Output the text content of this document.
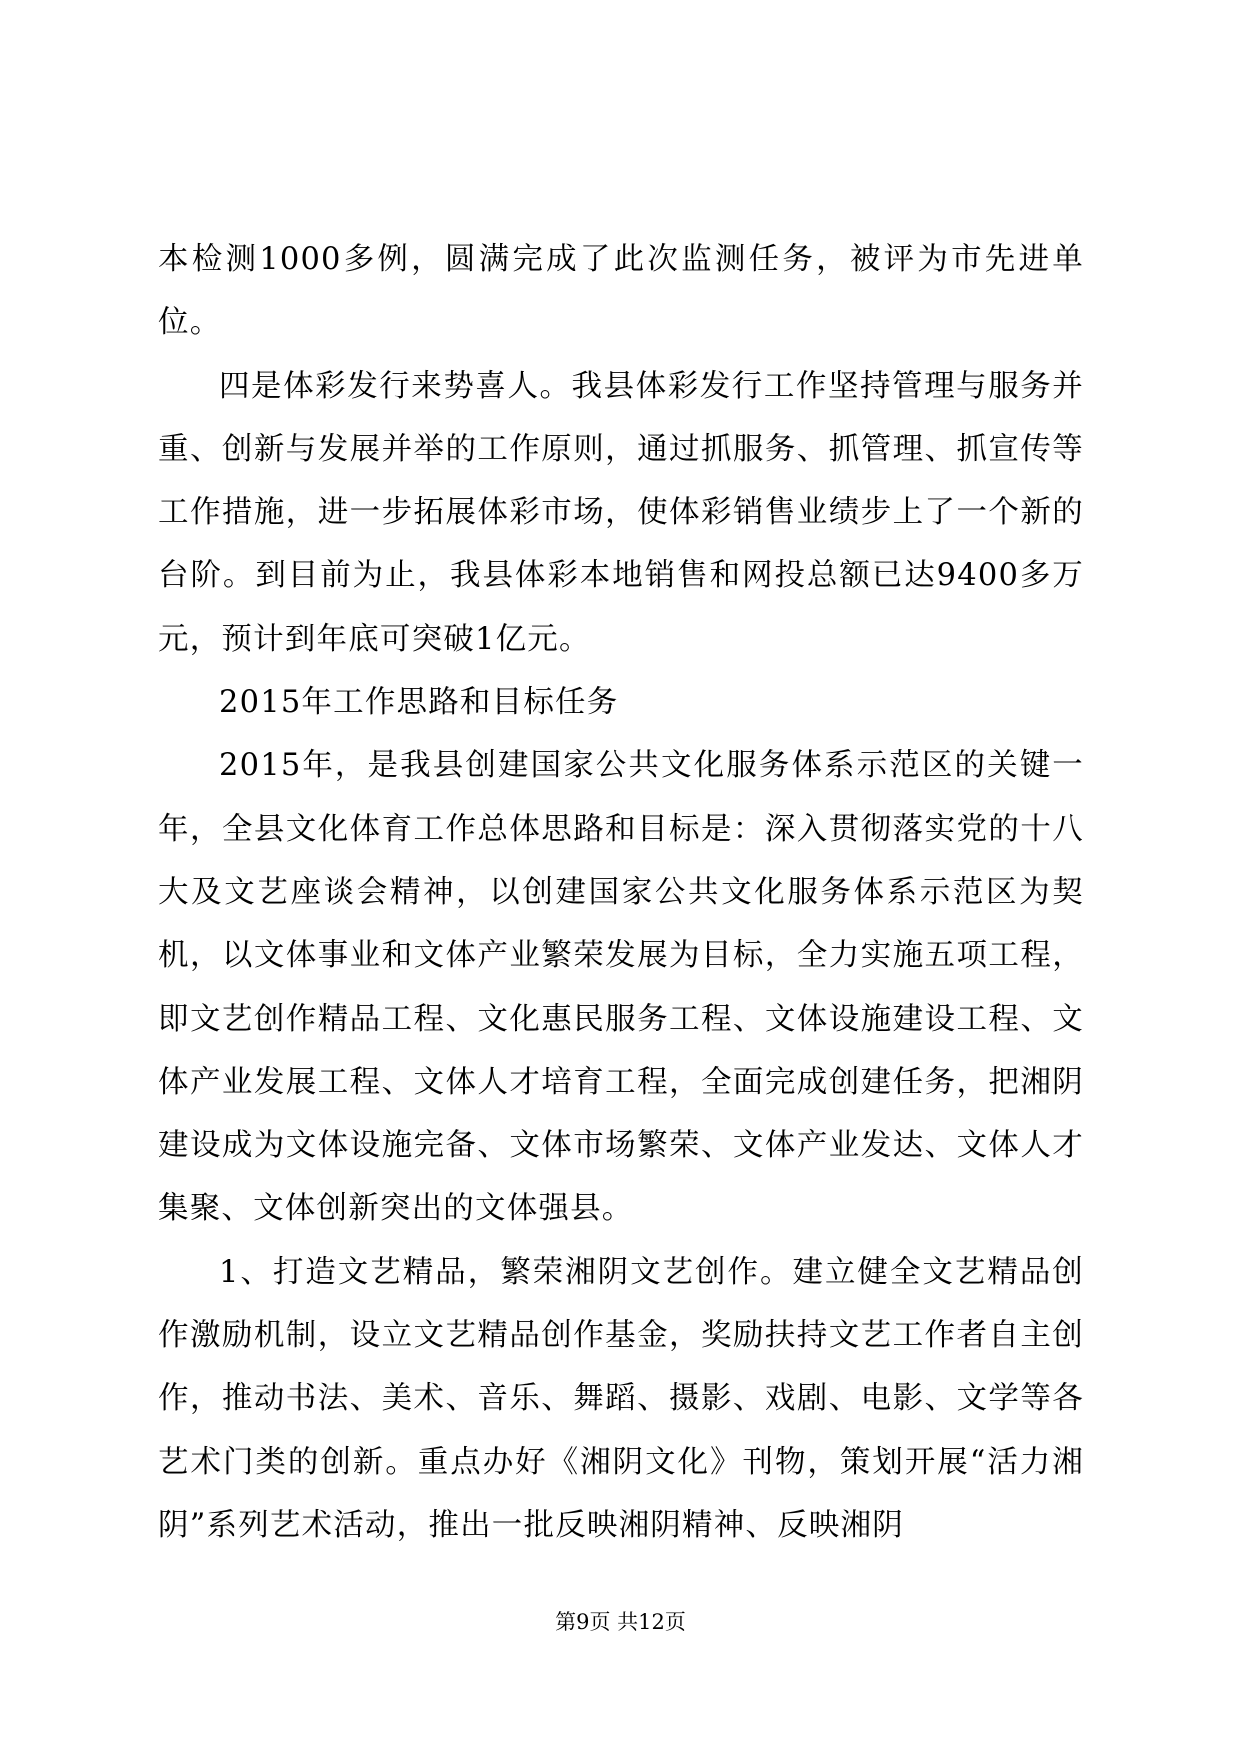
本检测1000多例，圆满完成了此次监测任务，被评为市先进单位。

四是体彩发行来势喜人。我县体彩发行工作坚持管理与服务并重、创新与发展并举的工作原则，通过抓服务、抓管理、抓宣传等工作措施，进一步拓展体彩市场，使体彩销售业绩步上了一个新的台阶。到目前为止，我县体彩本地销售和网投总额已达9400多万元，预计到年底可突破1亿元。

2015年工作思路和目标任务

2015年，是我县创建国家公共文化服务体系示范区的关键一年，全县文化体育工作总体思路和目标是：深入贯彻落实党的十八大及文艺座谈会精神，以创建国家公共文化服务体系示范区为契机，以文体事业和文体产业繁荣发展为目标，全力实施五项工程，即文艺创作精品工程、文化惠民服务工程、文体设施建设工程、文体产业发展工程、文体人才培育工程，全面完成创建任务，把湘阴建设成为文体设施完备、文体市场繁荣、文体产业发达、文体人才集聚、文体创新突出的文体强县。

1、打造文艺精品，繁荣湘阴文艺创作。建立健全文艺精品创作激励机制，设立文艺精品创作基金，奖励扶持文艺工作者自主创作，推动书法、美术、音乐、舞蹈、摄影、戏剧、电影、文学等各艺术门类的创新。重点办好《湘阴文化》刊物，策划开展“活力湘阴”系列艺术活动，推出一批反映湘阴精神、反映湘阴

第9页 共12页
